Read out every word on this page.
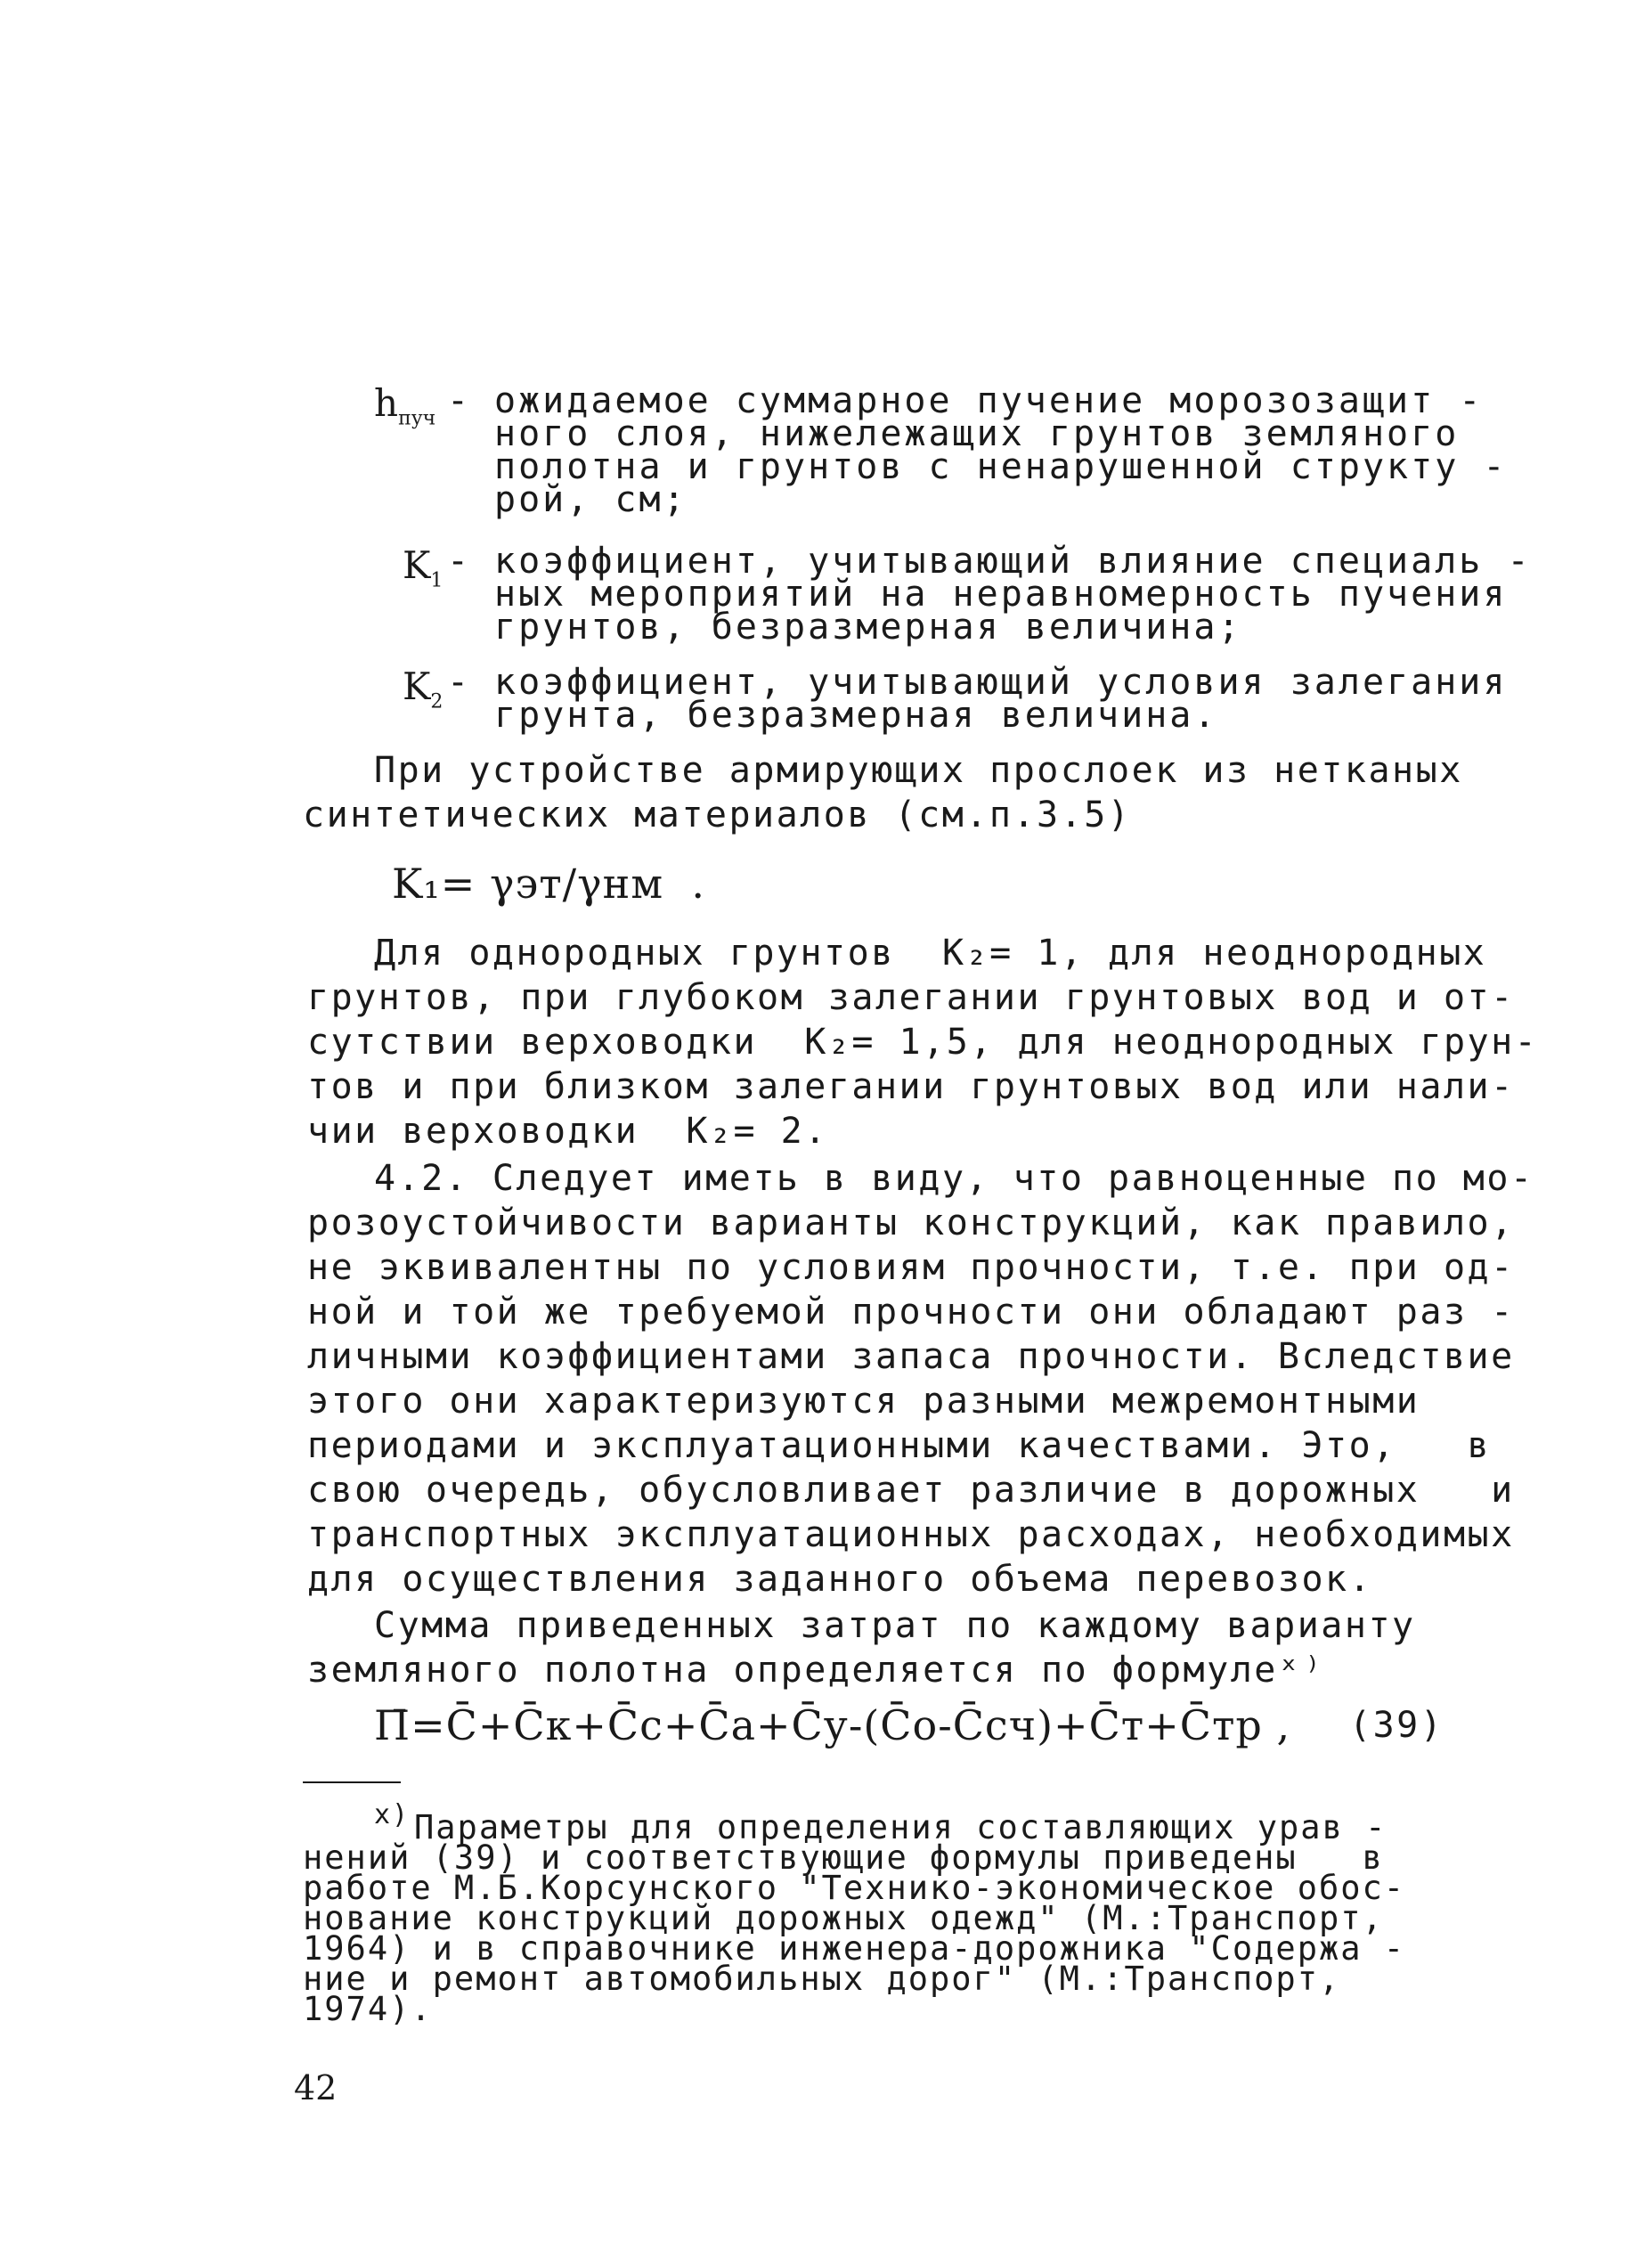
$h_{пуч}$ - ожидаемое суммарное пучение морозозащит -
ного слоя, нижележащих грунтов земляного
полотна и грунтов с ненарушенной структу -
рой, см;
$K_1$ - коэффициент, учитывающий влияние специаль -
ных мероприятий на неравномерность пучения
грунтов, безразмерная величина;
$K_2$ - коэффициент, учитывающий условия залегания
грунта, безразмерная величина.
При устройстве армирующих прослоек из нетканых
синтетических материалов (см.п.3.5)
K₁= γэт/γнм  .
Для однородных грунтов  K₂= 1, для неоднородных
грунтов, при глубоком залегании грунтовых вод и от-
сутствии верховодки  K₂= 1,5, для неоднородных грун-
тов и при близком залегании грунтовых вод или нали-
чии верховодки  K₂= 2.
4.2. Следует иметь в виду, что равноценные по мо-
розоустойчивости варианты конструкций, как правило,
не эквивалентны по условиям прочности, т.е. при од-
ной и той же требуемой прочности они обладают раз -
личными коэффициентами запаса прочности. Вследствие
этого они характеризуются разными межремонтными
периодами и эксплуатационными качествами. Это,   в
свою очередь, обусловливает различие в дорожных   и
транспортных эксплуатационных расходах, необходимых
для осуществления заданного объема перевозок.
Сумма приведенных затрат по каждому варианту
земляного полотна определяется по формулеˣ⁾
П̄=C̄+C̄к+C̄с+C̄а+C̄у-(C̄о-C̄сч)+C̄т+C̄тр , (39)
x) Параметры для определения составляющих урав -
нений (39) и соответствующие формулы приведены   в
работе М.Б.Корсунского "Технико-экономическое обос-
нование конструкций дорожных одежд" (М.:Транспорт,
1964) и в справочнике инженера-дорожника "Содержа -
ние и ремонт автомобильных дорог" (М.:Транспорт,
1974).
42
